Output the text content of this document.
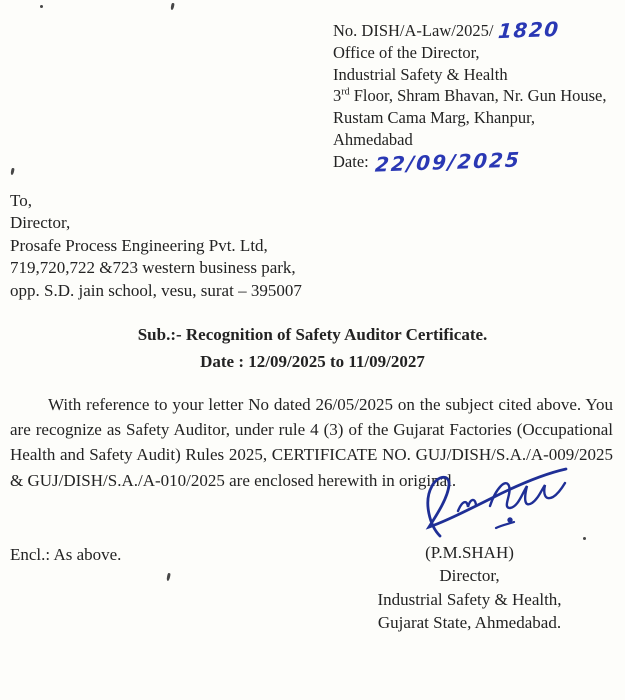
No. DISH/A-Law/2025/ 1820
Office of the Director,
Industrial Safety & Health
3rd Floor, Shram Bhavan, Nr. Gun House,
Rustam Cama Marg, Khanpur,
Ahmedabad
Date: 22/09/2025
To,
Director,
Prosafe Process Engineering Pvt. Ltd,
719,720,722 &723 western business park,
opp. S.D. jain school, vesu, surat – 395007
Sub.:- Recognition of Safety Auditor Certificate.
Date : 12/09/2025 to 11/09/2027
With reference to your letter No dated 26/05/2025 on the subject cited above. You are recognize as Safety Auditor, under rule 4 (3) of the Gujarat Factories (Occupational Health and Safety Audit) Rules 2025, CERTIFICATE NO. GUJ/DISH/S.A./A-009/2025 & GUJ/DISH/S.A./A-010/2025 are enclosed herewith in original.
Encl.: As above.	(P.M.SHAH)
Director,
Industrial Safety & Health,
Gujarat State, Ahmedabad.
